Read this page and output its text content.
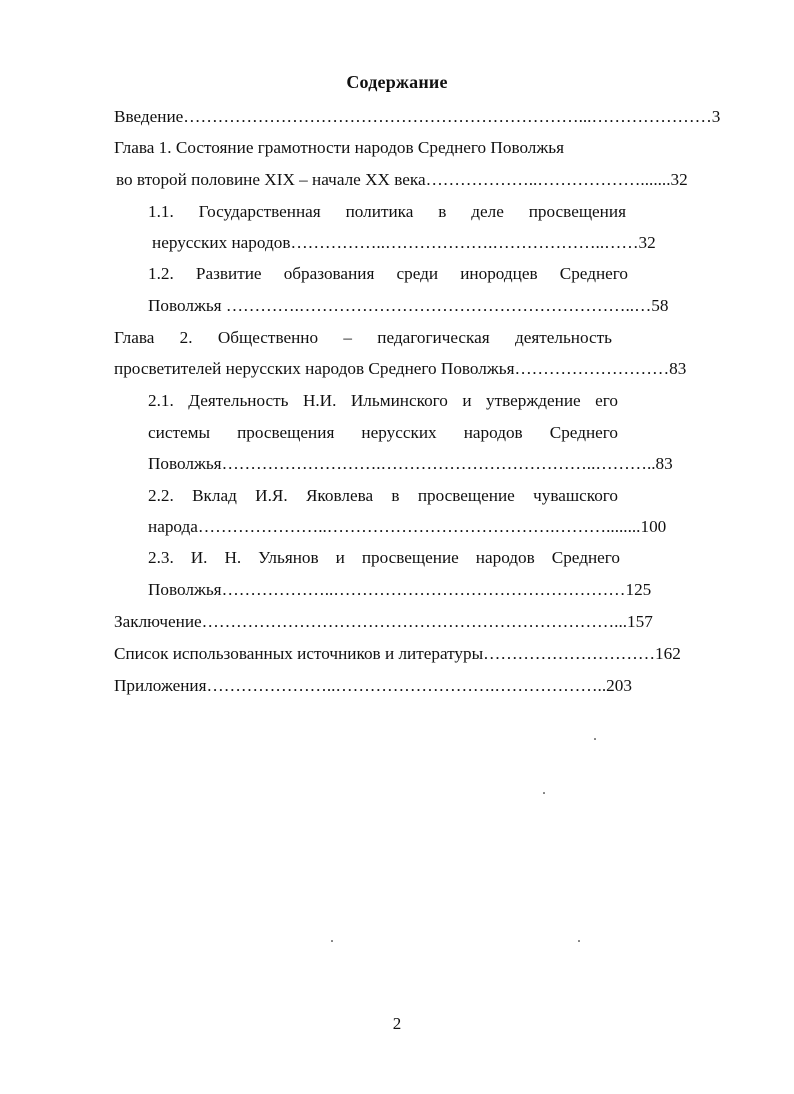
Содержание
Введение……………………………………………………………...…………………3
Глава 1. Состояние грамотности народов Среднего Поволжья
во второй половине XIX – начале XX века………………..……………….......32
1.1. Государственная политика в деле просвещения
нерусских народов……………..……………….………………..……32
1.2. Развитие образования среди инородцев Среднего
Поволжья ………….…………………………………………………..…58
Глава 2. Общественно – педагогическая деятельность
просветителей нерусских народов Среднего Поволжья………………………83
2.1. Деятельность Н.И. Ильминского и утверждение его
системы просвещения нерусских народов Среднего
Поволжья……………………….………………………………..………..83
2.2. Вклад И.Я. Яковлева в просвещение чувашского
народа…………………..………………………………….………........100
2.3. И. Н. Ульянов и просвещение народов Среднего
Поволжья………………..……………………………………………125
Заключение………………………………………………………………...157
Список использованных источников и литературы…………………………162
Приложения…………………..……………………….………………..203
2
